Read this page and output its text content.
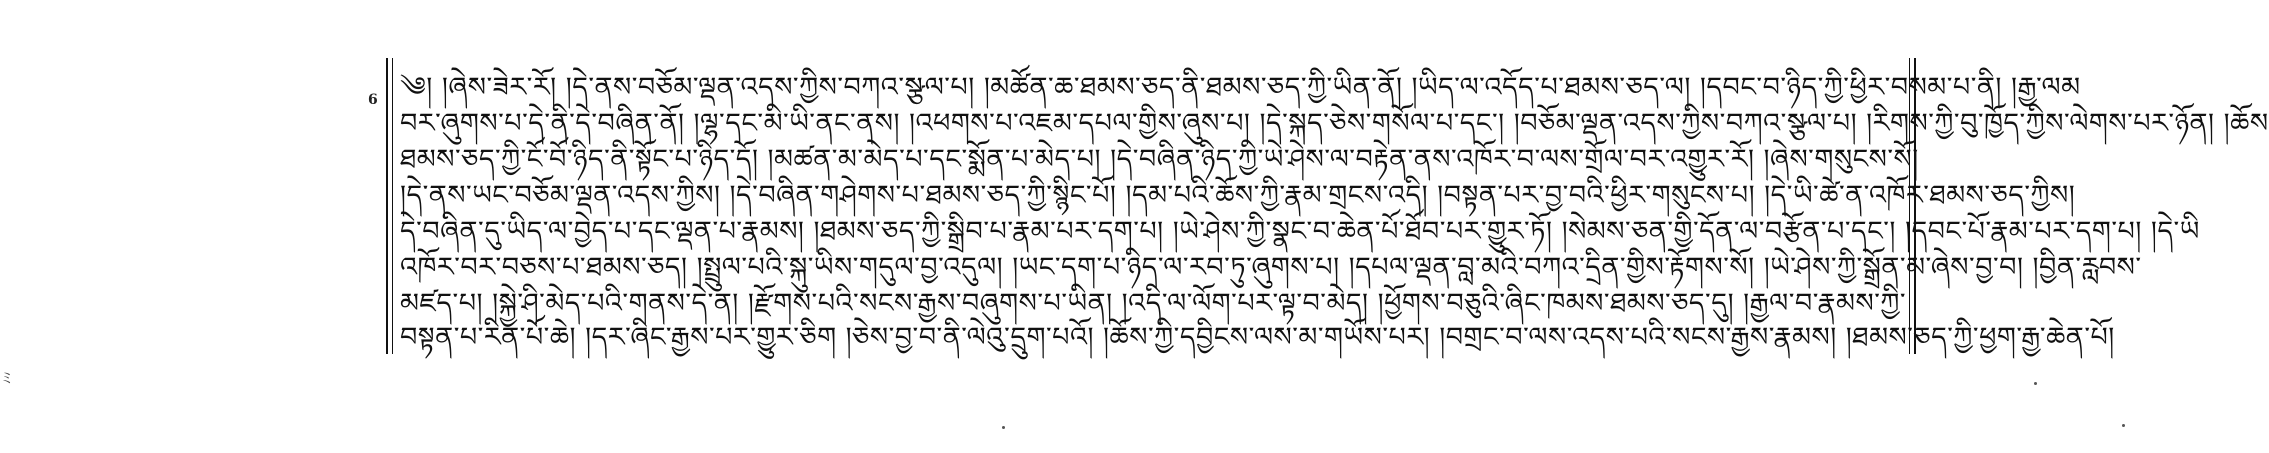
ミ
6 ༄། །ཞེས་ཟེར་རོ། །དེ་ནས་བཅོམ་ལྡན་འདས་ཀྱིས་བཀའ་སྩལ་པ། །མཚོན་ཆ་ཐམས་ཅད་ནི་ཐམས་ཅད་ཀྱི་ཡིན་ནོ། །ཡིད་ལ་འདོད་པ་ཐམས་ཅད་ལ། །དབང་བ་ཉིད་ཀྱི་ཕྱིར་བསམ་པ་ནི། །རྒྱ་ལམ
བར་ཞུགས་པ་དེ་ནི་དེ་བཞིན་ནོ། །ལྷ་དང་མི་ཡི་ནང་ནས། །འཕགས་པ་འཇམ་དཔལ་གྱིས་ཞུས་པ། །དེ་སྐད་ཅེས་གསོལ་པ་དང་། །བཅོམ་ལྡན་འདས་ཀྱིས་བཀའ་སྩལ་པ། །རིགས་ཀྱི་བུ་ཁྱོད་ཀྱིས་ལེགས་པར་ཉོན། །ཆོས
ཐམས་ཅད་ཀྱི་ངོ་བོ་ཉིད་ནི་སྟོང་པ་ཉིད་དོ། །མཚན་མ་མེད་པ་དང་སྨོན་པ་མེད་པ། །དེ་བཞིན་ཉིད་ཀྱི་ཡེ་ཤེས་ལ་བརྟེན་ནས་འཁོར་བ་ལས་གྲོལ་བར་འགྱུར་རོ། །ཞེས་གསུངས་སོ།
།དེ་ནས་ཡང་བཅོམ་ལྡན་འདས་ཀྱིས། །དེ་བཞིན་གཤེགས་པ་ཐམས་ཅད་ཀྱི་སྙིང་པོ། །དམ་པའི་ཆོས་ཀྱི་རྣམ་གྲངས་འདི། །བསྟན་པར་བྱ་བའི་ཕྱིར་གསུངས་པ། །དེ་ཡི་ཚེ་ན་འཁོར་ཐམས་ཅད་ཀྱིས།
དེ་བཞིན་དུ་ཡིད་ལ་བྱེད་པ་དང་ལྡན་པ་རྣམས། །ཐམས་ཅད་ཀྱི་སྒྲིབ་པ་རྣམ་པར་དག་པ། །ཡེ་ཤེས་ཀྱི་སྣང་བ་ཆེན་པོ་ཐོབ་པར་གྱུར་ཏོ། །སེམས་ཅན་གྱི་དོན་ལ་བརྩོན་པ་དང་། །དབང་པོ་རྣམ་པར་དག་པ། །དེ་ཡི
འཁོར་བར་བཅས་པ་ཐམས་ཅད། །སྤྲུལ་པའི་སྐུ་ཡིས་གདུལ་བྱ་འདུལ། །ཡང་དག་པ་ཉིད་ལ་རབ་ཏུ་ཞུགས་པ། །དཔལ་ལྡན་བླ་མའི་བཀའ་དྲིན་གྱིས་རྟོགས་སོ། །ཡེ་ཤེས་ཀྱི་སྒྲོན་མ་ཞེས་བྱ་བ། །བྱིན་རླབས་
མཛད་པ། །སྐྱེ་ཤི་མེད་པའི་གནས་དེ་ན། །རྫོགས་པའི་སངས་རྒྱས་བཞུགས་པ་ཡིན། །འདི་ལ་ལོག་པར་ལྟ་བ་མེད། །ཕྱོགས་བཅུའི་ཞིང་ཁམས་ཐམས་ཅད་དུ། །རྒྱལ་བ་རྣམས་ཀྱི་
བསྟན་པ་རིན་པོ་ཆེ། །དར་ཞིང་རྒྱས་པར་གྱུར་ཅིག །ཅེས་བྱ་བ་ནི་ལེའུ་དྲུག་པའོ། །ཆོས་ཀྱི་དབྱིངས་ལས་མ་གཡོས་པར། །བགྲང་བ་ལས་འདས་པའི་སངས་རྒྱས་རྣམས། །ཐམས་ཅད་ཀྱི་ཕྱག་རྒྱ་ཆེན་པོ།
